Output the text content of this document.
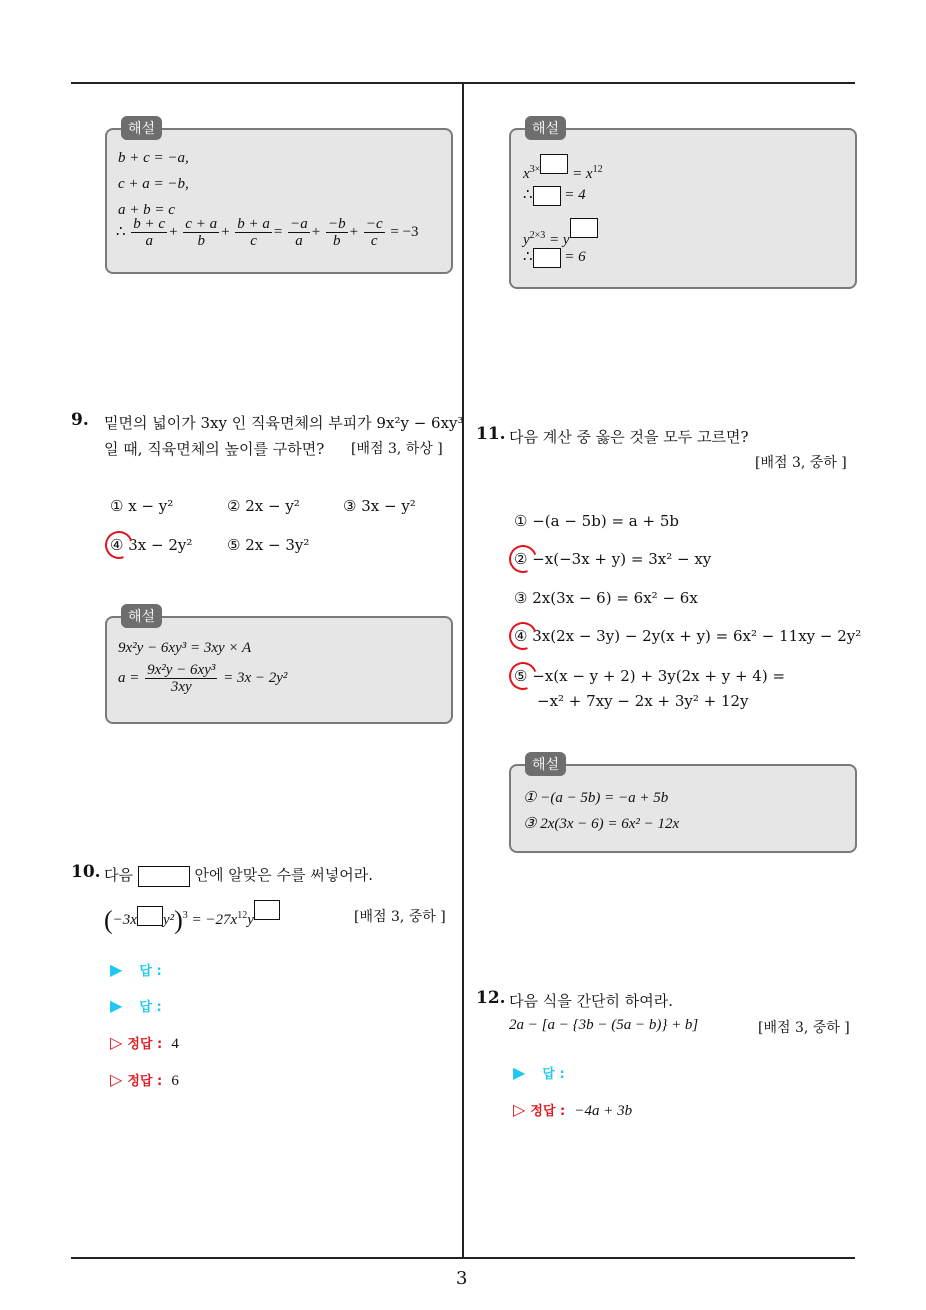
3
해설
b + c = −a,
c + a = −b,
a + b = c
∴ $\frac{b + c}{a} + \frac{c + a}{b} + \frac{b + a}{c} = \frac{-a}{a} + \frac{-b}{b} + \frac{-c}{c} = -3$
9. 밑면의 넓이가 3xy 인 직육면체의 부피가 9x²y − 6xy³
일 때, 직육면체의 높이를 구하면? [배점 3, 하상 ]
① x − y²	② 2x − y²	③ 3x − y²
④ 3x − 2y² ⑤ 2x − 3y²
해설
9x²y − 6xy³ = 3xy × A
$a = \frac{\text{9x²y − 6xy³}}{3xy} = 3x - 2y^2$
10. 다음	안에 알맞은 수를 써넣어라.
(−3x $y^2)^3 = -27x^{12}y$	[배점 3, 중하 ]
▶ 답 :
▶ 답 :
▷ 정답 : 4
▷ 정답 : 6
해설
$x^{3\times} = x^{12}$
∴ = 4
$y^{2\times 3} = y$
∴ = 6
11. 다음 계산 중 옳은 것을 모두 고르면?
[배점 3, 중하 ]
① −(a − 5b) = a + 5b
② −x(−3x + y) = 3x² − xy
③ 2x(3x − 6) = 6x² − 6x
④ 3x(2x − 3y) − 2y(x + y) = 6x² − 11xy − 2y²
⑤ −x(x − y + 2) + 3y(2x + y + 4) =
−x² + 7xy − 2x + 3y² + 12y
해설
① −(a − 5b) = −a + 5b
③ 2x(3x − 6) = 6x² − 12x
12. 다음 식을 간단히 하여라.
2a − [a − {3b − (5a − b)} + b]	[배점 3, 중하 ]
▶ 답 :
▷ 정답 : −4a + 3b
